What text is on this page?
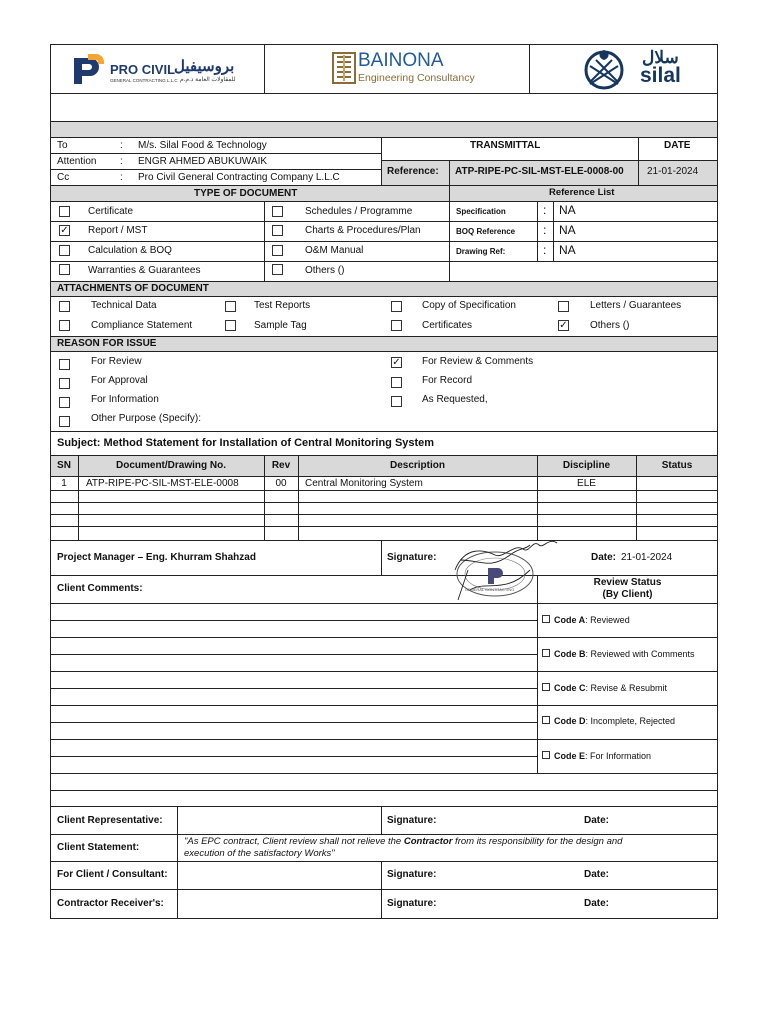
PRO CIVIL
بروسيفيل
GENERAL CONTRACTING L.L.C للمقاولات العامة ذ.م.م
BAINONA
Engineering Consultancy
سلال
silal
To	: M/s. Silal Food & Technology
Attention : ENGR AHMED ABUKUWAIK
Cc	: Pro Civil General Contracting Company L.L.C
TRANSMITTAL	DATE
Reference: ATP-RIPE-PC-SIL-MST-ELE-0008-00 21-01-2024
TYPE OF DOCUMENT	Reference List
Certificate
✓ Report / MST
Calculation & BOQ
Warranties & Guarantees
Schedules / Programme
Charts & Procedures/Plan
O&M Manual
Others ()
Specification	: NA
BOQ Reference : NA
Drawing Ref:	: NA
ATTACHMENTS OF DOCUMENT
Technical Data	Test Reports	Copy of Specification	Letters / Guarantees
Compliance Statement	Sample Tag	Certificates	✓ Others ()
REASON FOR ISSUE
For Review
For Approval
For Information
Other Purpose (Specify):
✓ For Review & Comments
For Record
As Requested,
Subject: Method Statement for Installation of Central Monitoring System
SN	Document/Drawing No.	Rev	Description	Discipline	Status
1	ATP-RIPE-PC-SIL-MST-ELE-0008	00	Central Monitoring System	ELE
Project Manager – Eng. Khurram Shahzad	Signature:
GENERAL CONTRACTING
Date: 21-01-2024
Client Comments:
Review Status
(By Client)
Code A: Reviewed
Code B: Reviewed with Comments
Code C: Revise & Resubmit
Code D: Incomplete, Rejected
Code E: For Information
Client Representative:	Signature:	Date:
Client Statement:
"As EPC contract, Client review shall not relieve the Contractor from its responsibility for the design and
execution of the satisfactory Works"
For Client / Consultant:	Signature:	Date:
Contractor Receiver's:	Signature:	Date:
